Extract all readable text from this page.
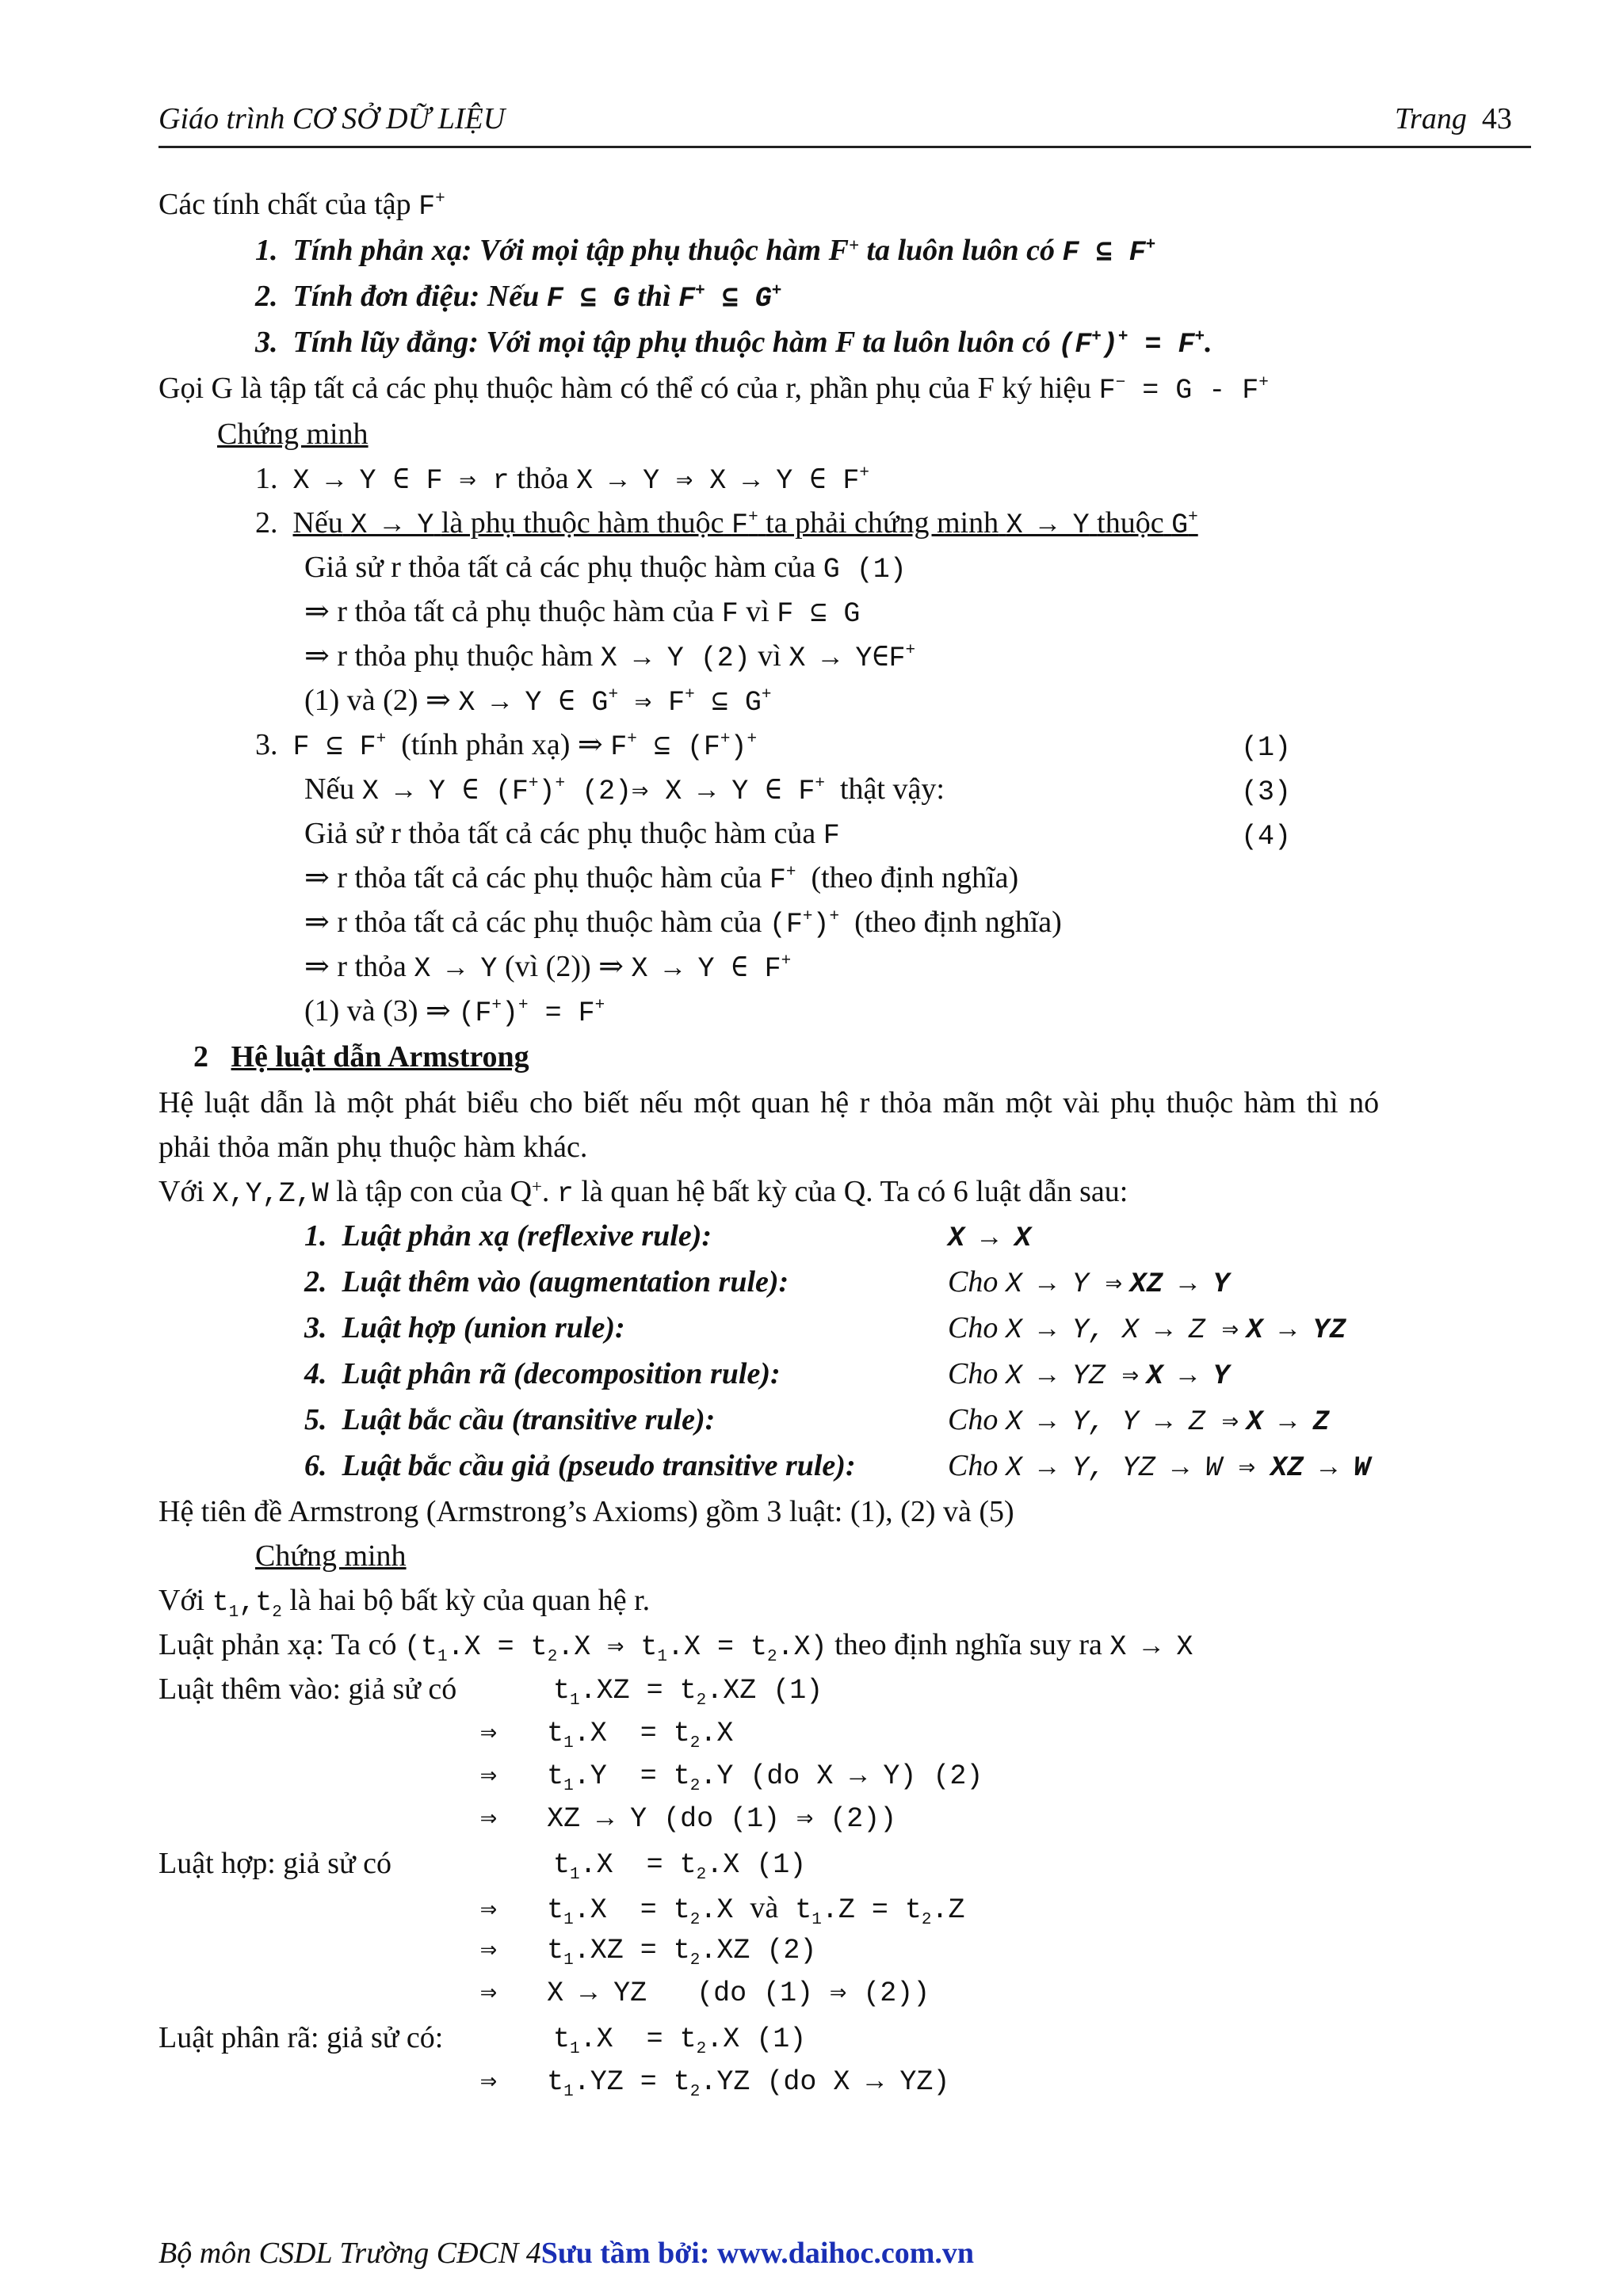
Giáo trình CƠ SỞ DỮ LIỆU	Trang 43
Các tính chất của tập F+
1. Tính phản xạ: Với mọi tập phụ thuộc hàm F+ ta luôn luôn có F ⊆ F+
2. Tính đơn điệu: Nếu F ⊆ G thì F+ ⊆ G+
3. Tính lũy đẳng: Với mọi tập phụ thuộc hàm F ta luôn luôn có (F+)+ = F+.
Gọi G là tập tất cả các phụ thuộc hàm có thể có của r, phần phụ của F ký hiệu F− = G - F+
Chứng minh
1. X → Y ∈ F ⇒ r thỏa X → Y ⇒ X → Y ∈ F+
2. Nếu X → Y là phụ thuộc hàm thuộc F+ ta phải chứng minh X → Y thuộc G+
Giả sử r thỏa tất cả các phụ thuộc hàm của G (1)
⇒ r thỏa tất cả phụ thuộc hàm của F vì F ⊆ G
⇒ r thỏa phụ thuộc hàm X → Y (2) vì X → Y∈F+
(1) và (2) ⇒ X → Y ∈ G+ ⇒ F+ ⊆ G+
3. F ⊆ F+ (tính phản xạ) ⇒ F+ ⊆ (F+)+	(1)
Nếu X → Y ∈ (F+)+ (2)⇒ X → Y ∈ F+ thật vậy:	(3)
Giả sử r thỏa tất cả các phụ thuộc hàm của F	(4)
⇒ r thỏa tất cả các phụ thuộc hàm của F+ (theo định nghĩa)
⇒ r thỏa tất cả các phụ thuộc hàm của (F+)+ (theo định nghĩa)
⇒ r thỏa X → Y (vì (2)) ⇒ X → Y ∈ F+
(1) và (3) ⇒ (F+)+ = F+
2 Hệ luật dẫn Armstrong
Hệ luật dẫn là một phát biểu cho biết nếu một quan hệ r thỏa mãn một vài phụ thuộc hàm thì nó
phải thỏa mãn phụ thuộc hàm khác.
Với X,Y,Z,W là tập con của Q+. r là quan hệ bất kỳ của Q. Ta có 6 luật dẫn sau:
1. Luật phản xạ (reflexive rule):	X → X
2. Luật thêm vào (augmentation rule):	Cho X → Y ⇒ XZ → Y
3. Luật hợp (union rule):	Cho X → Y, X → Z ⇒ X → YZ
4. Luật phân rã (decomposition rule):	Cho X → YZ ⇒ X → Y
5. Luật bắc cầu (transitive rule):	Cho X → Y, Y → Z ⇒ X → Z
6. Luật bắc cầu giả (pseudo transitive rule):	Cho X → Y, YZ → W ⇒ XZ → W
Hệ tiên đề Armstrong (Armstrong’s Axioms) gồm 3 luật: (1), (2) và (5)
Chứng minh
Với $t_1,t_2$ là hai bộ bất kỳ của quan hệ r.
Luật phản xạ: Ta có ($t_1.X = t_2.X$ ⇒ $t_1.X = t_2.X$) theo định nghĩa suy ra X → X
Luật thêm vào: giả sử có	$t_1.XZ = t_2.XZ$ (1)
⇒   $t_1.X = t_2.X$
⇒   $t_1.Y = t_2.Y$ (do X → Y) (2)
⇒   XZ → Y (do (1) ⇒ (2))
Luật hợp: giả sử có	$t_1.X = t_2.X$ (1)
⇒   $t_1.X = t_2.X$ và $t_1.Z = t_2.Z$
⇒   $t_1.XZ = t_2.XZ$ (2)
⇒   X → YZ   (do (1) ⇒ (2))
Luật phân rã: giả sử có:	$t_1.X = t_2.X$ (1)
⇒   $t_1.YZ = t_2.YZ$ (do X → YZ)
Bộ môn CSDL Trường CĐCN 4Sưu tầm bởi: www.daihoc.com.vn
